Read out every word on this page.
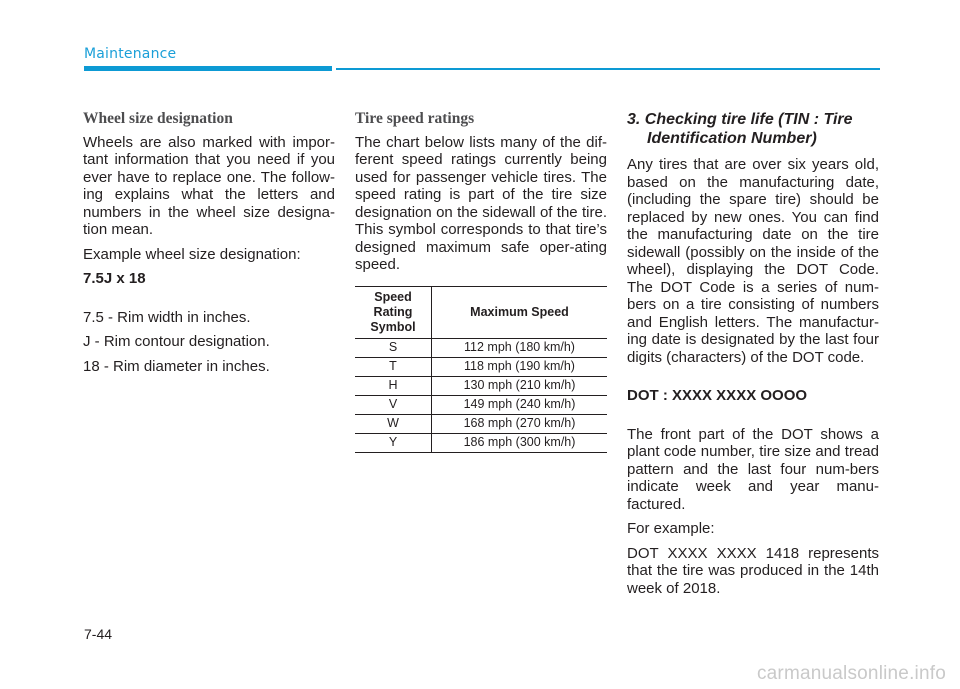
Maintenance
Wheel size designation

Wheels are also marked with impor-tant information that you need if you ever have to replace one. The follow-ing explains what the letters and numbers in the wheel size designa-tion mean.

Example wheel size designation:

7.5J x 18

7.5 - Rim width in inches.

J - Rim contour designation.

18 - Rim diameter in inches.

Tire speed ratings

The chart below lists many of the dif-ferent speed ratings currently being used for passenger vehicle tires. The speed rating is part of the tire size designation on the sidewall of the tire. This symbol corresponds to that tire’s designed maximum safe oper-ating speed.

Speed Rating Symbol	Maximum Speed
S	112 mph (180 km/h)
T	118 mph (190 km/h)
H	130 mph (210 km/h)
V	149 mph (240 km/h)
W	168 mph (270 km/h)
Y	186 mph (300 km/h)
3. Checking tire life (TIN : Tire Identification Number)

Any tires that are over six years old, based on the manufacturing date, (including the spare tire) should be replaced by new ones. You can find the manufacturing date on the tire sidewall (possibly on the inside of the wheel), displaying the DOT Code. The DOT Code is a series of num-bers on a tire consisting of numbers and English letters. The manufactur-ing date is designated by the last four digits (characters) of the DOT code.

DOT : XXXX XXXX OOOO

The front part of the DOT shows a plant code number, tire size and tread pattern and the last four num-bers indicate week and year manu-factured.

For example:

DOT XXXX XXXX 1418 represents that the tire was produced in the 14th week of 2018.

7-44
carmanualsonline.info
